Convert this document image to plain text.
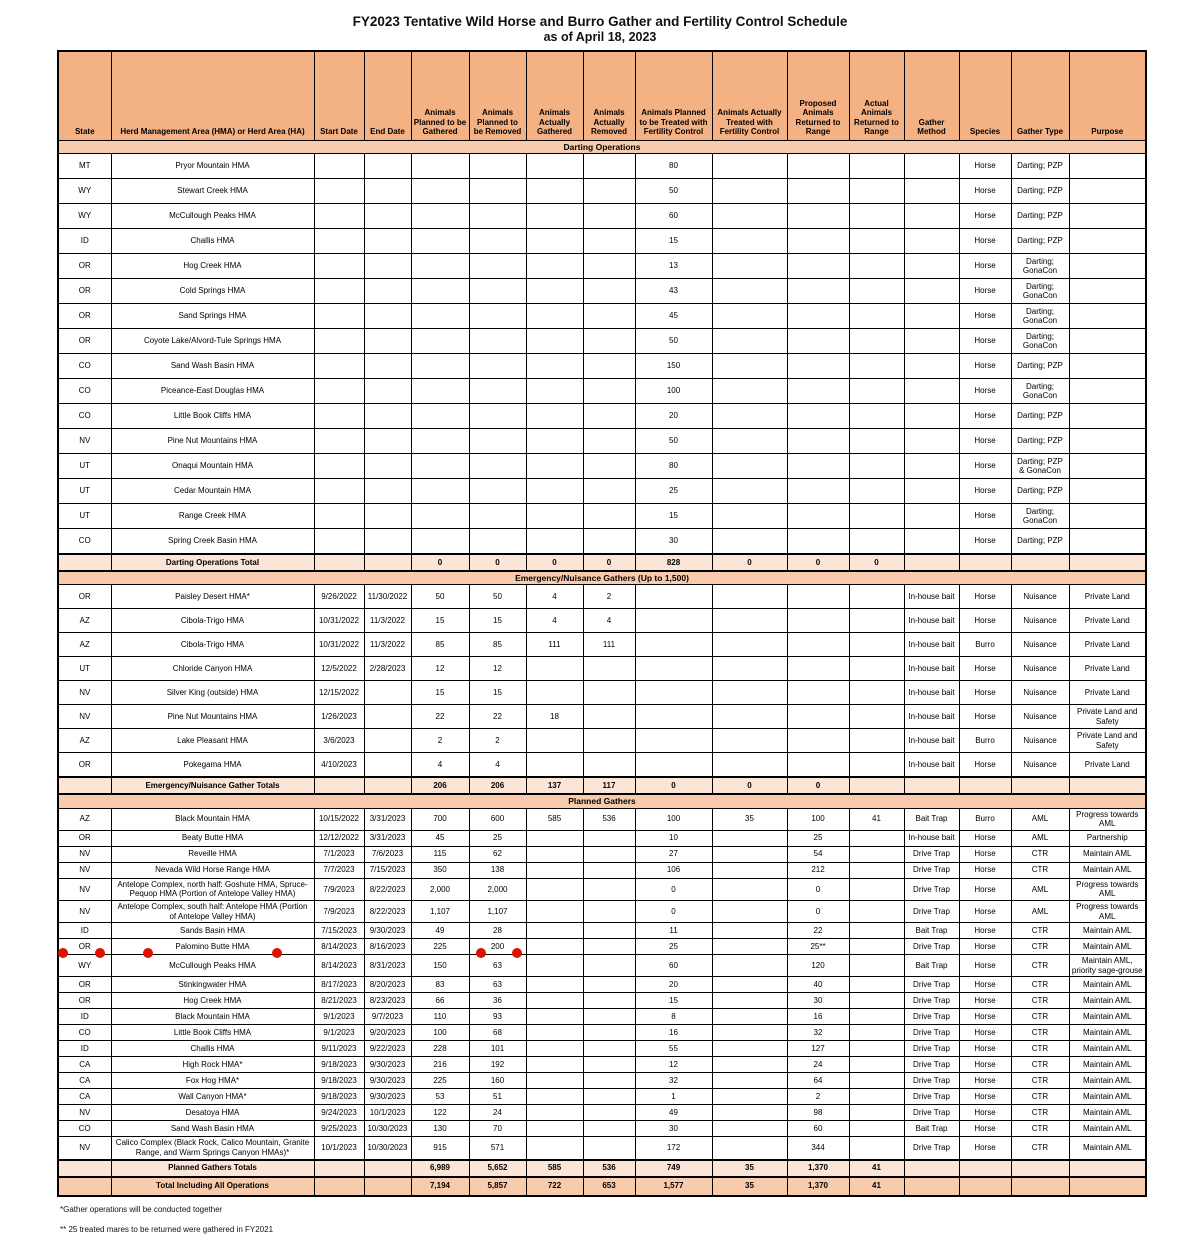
FY2023 Tentative Wild Horse and Burro Gather and Fertility Control Schedule
as of April 18, 2023
State	Herd Management Area (HMA) or Herd Area (HA)	Start Date	End Date	Animals Planned to be Gathered	Animals Planned to be Removed	Animals Actually Gathered	Animals Actually Removed	Animals Planned to be Treated with Fertility Control	Animals Actually Treated with Fertility Control	Proposed Animals Returned to Range	Actual Animals Returned to Range	Gather Method	Species	Gather Type	Purpose
Darting Operations															
MT	Pryor Mountain HMA							80					Horse	Darting; PZP	
WY	Stewart Creek HMA							50					Horse	Darting; PZP	
WY	McCullough Peaks HMA							60					Horse	Darting; PZP	
ID	Challis HMA							15					Horse	Darting; PZP	
OR	Hog Creek HMA							13					Horse	Darting; GonaCon	
OR	Cold Springs HMA							43					Horse	Darting; GonaCon	
OR	Sand Springs HMA							45					Horse	Darting; GonaCon	
OR	Coyote Lake/Alvord-Tule Springs HMA							50					Horse	Darting; GonaCon	
CO	Sand Wash Basin HMA							150					Horse	Darting; PZP	
CO	Piceance-East Douglas HMA							100					Horse	Darting; GonaCon	
CO	Little Book Cliffs HMA							20					Horse	Darting; PZP	
NV	Pine Nut Mountains HMA							50					Horse	Darting; PZP	
UT	Onaqui Mountain HMA							80					Horse	Darting; PZP & GonaCon	
UT	Cedar Mountain HMA							25					Horse	Darting; PZP	
UT	Range Creek HMA							15					Horse	Darting; GonaCon	
CO	Spring Creek Basin HMA							30					Horse	Darting; PZP	
	Darting Operations Total			0	0	0	0	828	0	0	0				
Emergency/Nuisance Gathers (Up to 1,500)															
OR	Paisley Desert HMA*	9/26/2022	11/30/2022	50	50	4	2					In-house bait	Horse	Nuisance	Private Land
AZ	Cibola-Trigo HMA	10/31/2022	11/3/2022	15	15	4	4					In-house bait	Horse	Nuisance	Private Land
AZ	Cibola-Trigo HMA	10/31/2022	11/3/2022	85	85	111	111					In-house bait	Burro	Nuisance	Private Land
UT	Chloride Canyon HMA	12/5/2022	2/28/2023	12	12							In-house bait	Horse	Nuisance	Private Land
NV	Silver King (outside) HMA	12/15/2022		15	15							In-house bait	Horse	Nuisance	Private Land
NV	Pine Nut Mountains HMA	1/26/2023		22	22	18						In-house bait	Horse	Nuisance	Private Land and Safety
AZ	Lake Pleasant HMA	3/6/2023		2	2							In-house bait	Burro	Nuisance	Private Land and Safety
OR	Pokegama HMA	4/10/2023		4	4							In-house bait	Horse	Nuisance	Private Land
	Emergency/Nuisance Gather Totals			206	206	137	117	0	0	0					
Planned Gathers															
AZ	Black Mountain HMA	10/15/2022	3/31/2023	700	600	585	536	100	35	100	41	Bait Trap	Burro	AML	Progress towards AML
OR	Beaty Butte HMA	12/12/2022	3/31/2023	45	25			10		25		In-house bait	Horse	AML	Partnership
NV	Reveille HMA	7/1/2023	7/6/2023	115	62			27		54		Drive Trap	Horse	CTR	Maintain AML
NV	Nevada Wild Horse Range HMA	7/7/2023	7/15/2023	350	138			106		212		Drive Trap	Horse	CTR	Maintain AML
NV	Antelope Complex, north half: Goshute HMA, Spruce-Pequop HMA (Portion of Antelope Valley HMA)	7/9/2023	8/22/2023	2,000	2,000			0		0		Drive Trap	Horse	AML	Progress towards AML
NV	Antelope Complex, south half: Antelope HMA (Portion of Antelope Valley HMA)	7/9/2023	8/22/2023	1,107	1,107			0		0		Drive Trap	Horse	AML	Progress towards AML
ID	Sands Basin HMA	7/15/2023	9/30/2023	49	28			11		22		Bait Trap	Horse	CTR	Maintain AML
OR	Palomino Butte HMA	8/14/2023	8/16/2023	225	200			25		25**		Drive Trap	Horse	CTR	Maintain AML
WY	McCullough Peaks HMA	8/14/2023	8/31/2023	150	63			60		120		Bait Trap	Horse	CTR	Maintain AML, priority sage-grouse
OR	Stinkingwater HMA	8/17/2023	8/20/2023	83	63			20		40		Drive Trap	Horse	CTR	Maintain AML
OR	Hog Creek HMA	8/21/2023	8/23/2023	66	36			15		30		Drive Trap	Horse	CTR	Maintain AML
ID	Black Mountain HMA	9/1/2023	9/7/2023	110	93			8		16		Drive Trap	Horse	CTR	Maintain AML
CO	Little Book Cliffs HMA	9/1/2023	9/20/2023	100	68			16		32		Drive Trap	Horse	CTR	Maintain AML
ID	Challis HMA	9/11/2023	9/22/2023	228	101			55		127		Drive Trap	Horse	CTR	Maintain AML
CA	High Rock HMA*	9/18/2023	9/30/2023	216	192			12		24		Drive Trap	Horse	CTR	Maintain AML
CA	Fox Hog HMA*	9/18/2023	9/30/2023	225	160			32		64		Drive Trap	Horse	CTR	Maintain AML
CA	Wall Canyon HMA*	9/18/2023	9/30/2023	53	51			1		2		Drive Trap	Horse	CTR	Maintain AML
NV	Desatoya HMA	9/24/2023	10/1/2023	122	24			49		98		Drive Trap	Horse	CTR	Maintain AML
CO	Sand Wash Basin HMA	9/25/2023	10/30/2023	130	70			30		60		Bait Trap	Horse	CTR	Maintain AML
NV	Calico Complex (Black Rock, Calico Mountain, Granite Range, and Warm Springs Canyon HMAs)*	10/1/2023	10/30/2023	915	571			172		344		Drive Trap	Horse	CTR	Maintain AML
	Planned Gathers Totals			6,989	5,652	585	536	749	35	1,370	41				
	Total Including All Operations			7,194	5,857	722	653	1,577	35	1,370	41				
*Gather operations will be conducted together
** 25 treated mares to be returned were gathered in FY2021
